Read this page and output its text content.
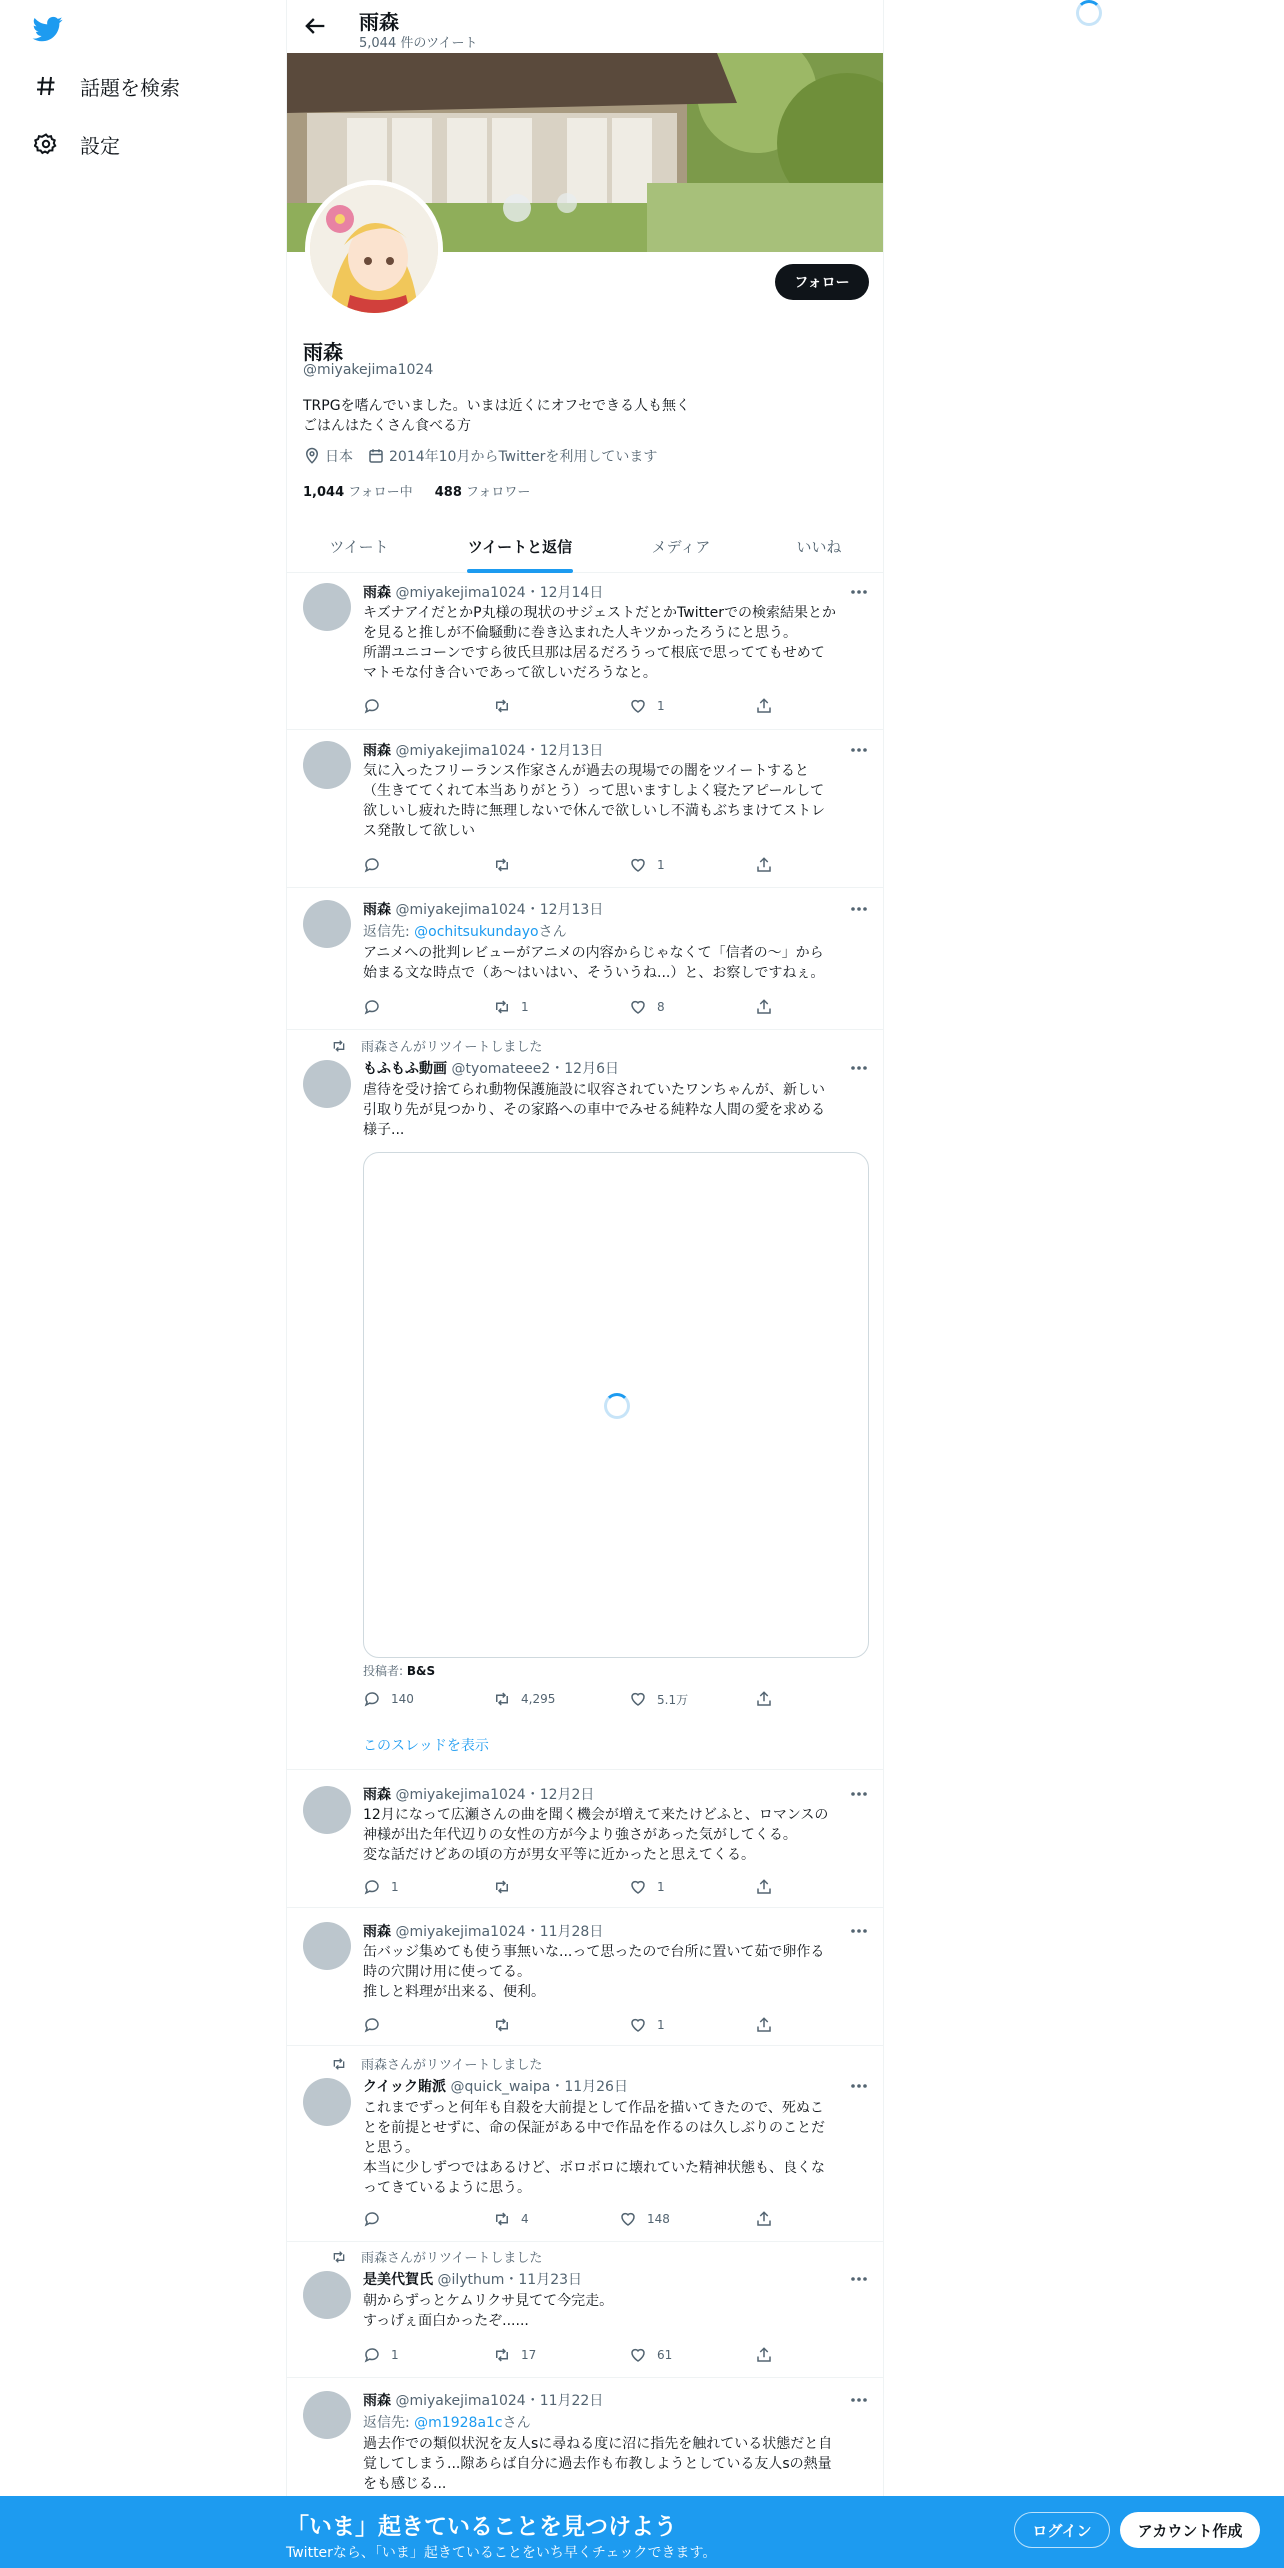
話題を検索
設定
雨森
5,044 件のツイート
フォロー
雨森
@miyakejima1024
TRPGを嗜んでいました。いまは近くにオフセできる人も無く
ごはんはたくさん食べる方
日本	2014年10月からTwitterを利用しています
1,044 フォロー中 488 フォロワー
ツイート	ツイートと返信	メディア	いいね
雨森 @miyakejima1024・12月14日
キズナアイだとかP丸様の現状のサジェストだとかTwitterでの検索結果とか
を見ると推しが不倫騒動に巻き込まれた人キツかったろうにと思う。
所謂ユニコーンですら彼氏旦那は居るだろうって根底で思っててもせめて
マトモな付き合いであって欲しいだろうなと。
1
雨森 @miyakejima1024・12月13日
気に入ったフリーランス作家さんが過去の現場での闇をツイートすると
（生きててくれて本当ありがとう）って思いますしよく寝たアピールして
欲しいし疲れた時に無理しないで休んで欲しいし不満もぶちまけてストレ
ス発散して欲しい
1
雨森 @miyakejima1024・12月13日
返信先: @ochitsukundayoさん
アニメへの批判レビューがアニメの内容からじゃなくて「信者の〜」から
始まる文な時点で（あ〜はいはい、そういうね...）と、お察しですねぇ。
1	8
雨森さんがリツイートしました
もふもふ動画 @tyomateee2・12月6日
虐待を受け捨てられ動物保護施設に収容されていたワンちゃんが、新しい
引取り先が見つかり、その家路への車中でみせる純粋な人間の愛を求める
様子...
投稿者: B&S
140	4,295	5.1万
このスレッドを表示
雨森 @miyakejima1024・12月2日
12月になって広瀬さんの曲を聞く機会が増えて来たけどふと、ロマンスの
神様が出た年代辺りの女性の方が今より強さがあった気がしてくる。
変な話だけどあの頃の方が男女平等に近かったと思えてくる。
1	1
雨森 @miyakejima1024・11月28日
缶バッジ集めても使う事無いな...って思ったので台所に置いて茹で卵作る
時の穴開け用に使ってる。
推しと料理が出来る、便利。
1
雨森さんがリツイートしました
クイック賄派 @quick_waipa・11月26日
これまでずっと何年も自殺を大前提として作品を描いてきたので、死ぬこ
とを前提とせずに、命の保証がある中で作品を作るのは久しぶりのことだ
と思う。
本当に少しずつではあるけど、ボロボロに壊れていた精神状態も、良くな
ってきているように思う。
4	148
雨森さんがリツイートしました
是美代賀氏 @ilythum・11月23日
朝からずっとケムリクサ見てて今完走。
すっげぇ面白かったぞ......
1	17	61
雨森 @miyakejima1024・11月22日
返信先: @m1928a1cさん
過去作での類似状況を友人sに尋ねる度に沼に指先を触れている状態だと自
覚してしまう...隙あらば自分に過去作も布教しようとしている友人sの熱量
をも感じる...
「いま」起きていることを見つけよう
Twitterなら、「いま」起きていることをいち早くチェックできます。
ログイン	アカウント作成
